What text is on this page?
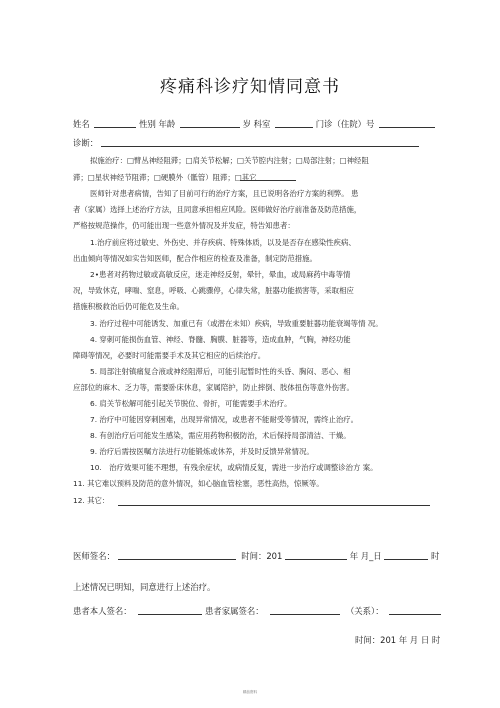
疼痛科诊疗知情同意书
姓名	性别 年龄	岁 科室	门诊（住院）号
诊断：
拟施治疗：□臂丛神经阻滞；□肩关节松解；□关节腔内注射；□局部注射；□神经阻
滞；□星状神经节阻滞；□硬膜外（骶管）阻滞；□其它
医师针对患者病情，告知了目前可行的治疗方案，且已说明各治疗方案的利弊。 患
者（家属）选择上述治疗方法，且同意承担相应风险。医师做好治疗前准备及防范措施，
严格按规范操作，仍可能出现一些意外情况及并发症，特告知患者：
1.治疗前应将过敏史、外伤史、并存疾病、特殊体质，以及是否存在感染性疾病、
出血倾向等情况如实告知医师，配合作相应的检查及准备，制定防范措施。
2•患者对药物过敏或高敏反应，迷走神经反射，晕针，晕血，或局麻药中毒等情
况，导致休克，哮喘、窒息，呼吸、心跳骤停，心律失常，脏器功能损害等，采取相应
措施积极救治后仍可能危及生命。
3. 治疗过程中可能诱发、加重已有（或潜在未知）疾病，导致重要脏器功能衰竭等情 况。
4. 穿刺可能损伤血管、神经、脊髓、胸膜、脏器等，造成血肿，气胸，神经功能
障碍等情况，必要时可能需要手术及其它相应的后续治疗。
5. 局部注射镇痛复合液或神经阻滞后，可能引起暂时性的头昏、胸闷、恶心、相
应部位的麻木、乏力等，需要卧床休息，家属陪护，防止摔倒、肢体扭伤等意外伤害。
6. 肩关节松解可能引起关节脱位、骨折，可能需要手术治疗。
7. 治疗中可能因穿刺困难，出现异常情况，或患者不能耐受等情况，需终止治疗。
8. 有创治疗后可能发生感染，需应用药物积极防治，术后保持局部清洁、干燥。
9. 治疗后需按医嘱方法进行功能锻炼或休养，并及时反馈异常情况。
10.　治疗效果可能不理想，有残余症状，或病情反复，需进一步治疗或调整诊治方 案。
11. 其它难以预料及防范的意外情况，如心脑血管栓塞，恶性高热，惊厥等。
12. 其它：
医师签名：	时间：201	年 月_日	时
上述情况已明知，同意进行上述治疗。
患者本人签名：	患者家属签名：	（关系）：
时间：201 年 月 日 时
精品资料
